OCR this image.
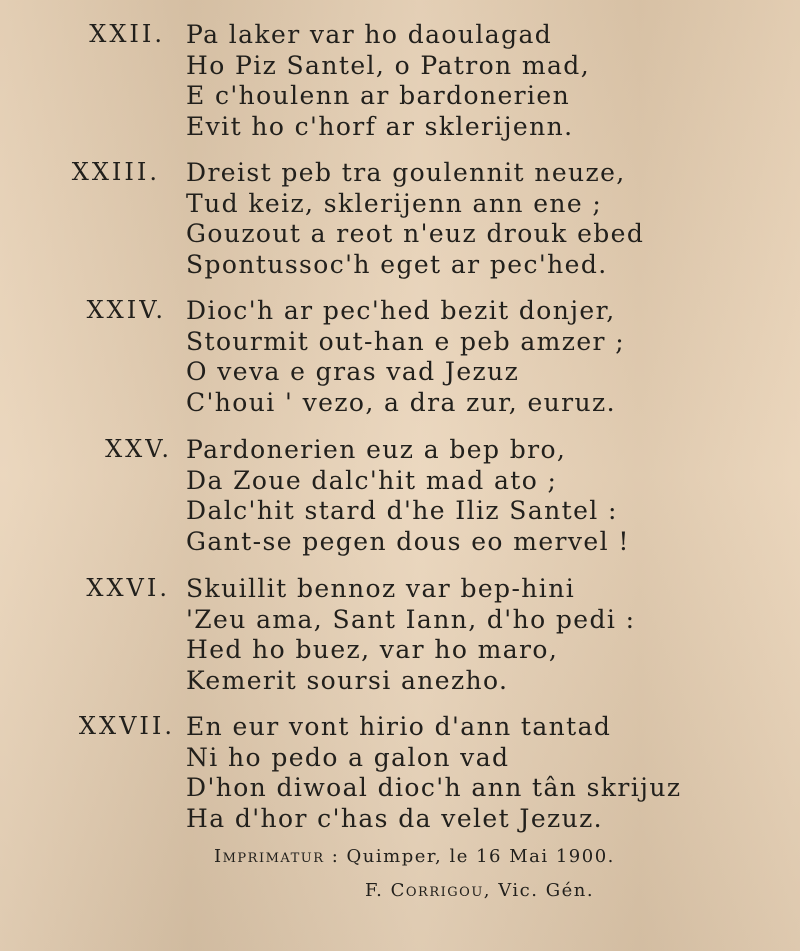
XXII. Pa laker var ho daoulagad
Ho Piz Santel, o Patron mad,
E c'houlenn ar bardonerien
Evit ho c'horf ar sklerijenn.
XXIII. Dreist peb tra goulennit neuze,
Tud keiz, sklerijenn ann ene ;
Gouzout a reot n'euz drouk ebed
Spontussoc'h eget ar pec'hed.
XXIV. Dioc'h ar pec'hed bezit donjer,
Stourmit out-han e peb amzer ;
O veva e gras vad Jezuz
C'houi ' vezo, a dra zur, euruz.
XXV. Pardonerien euz a bep bro,
Da Zoue dalc'hit mad ato ;
Dalc'hit stard d'he Iliz Santel :
Gant-se pegen dous eo mervel !
XXVI. Skuillit bennoz var bep-hini
'Zeu ama, Sant Iann, d'ho pedi :
Hed ho buez, var ho maro,
Kemerit soursi anezho.
XXVII. En eur vont hirio d'ann tantad
Ni ho pedo a galon vad
D'hon diwoal dioc'h ann tân skrijuz
Ha d'hor c'has da velet Jezuz.
Imprimatur : Quimper, le 16 Mai 1900.
F. Corrigou, Vic. Gén.
